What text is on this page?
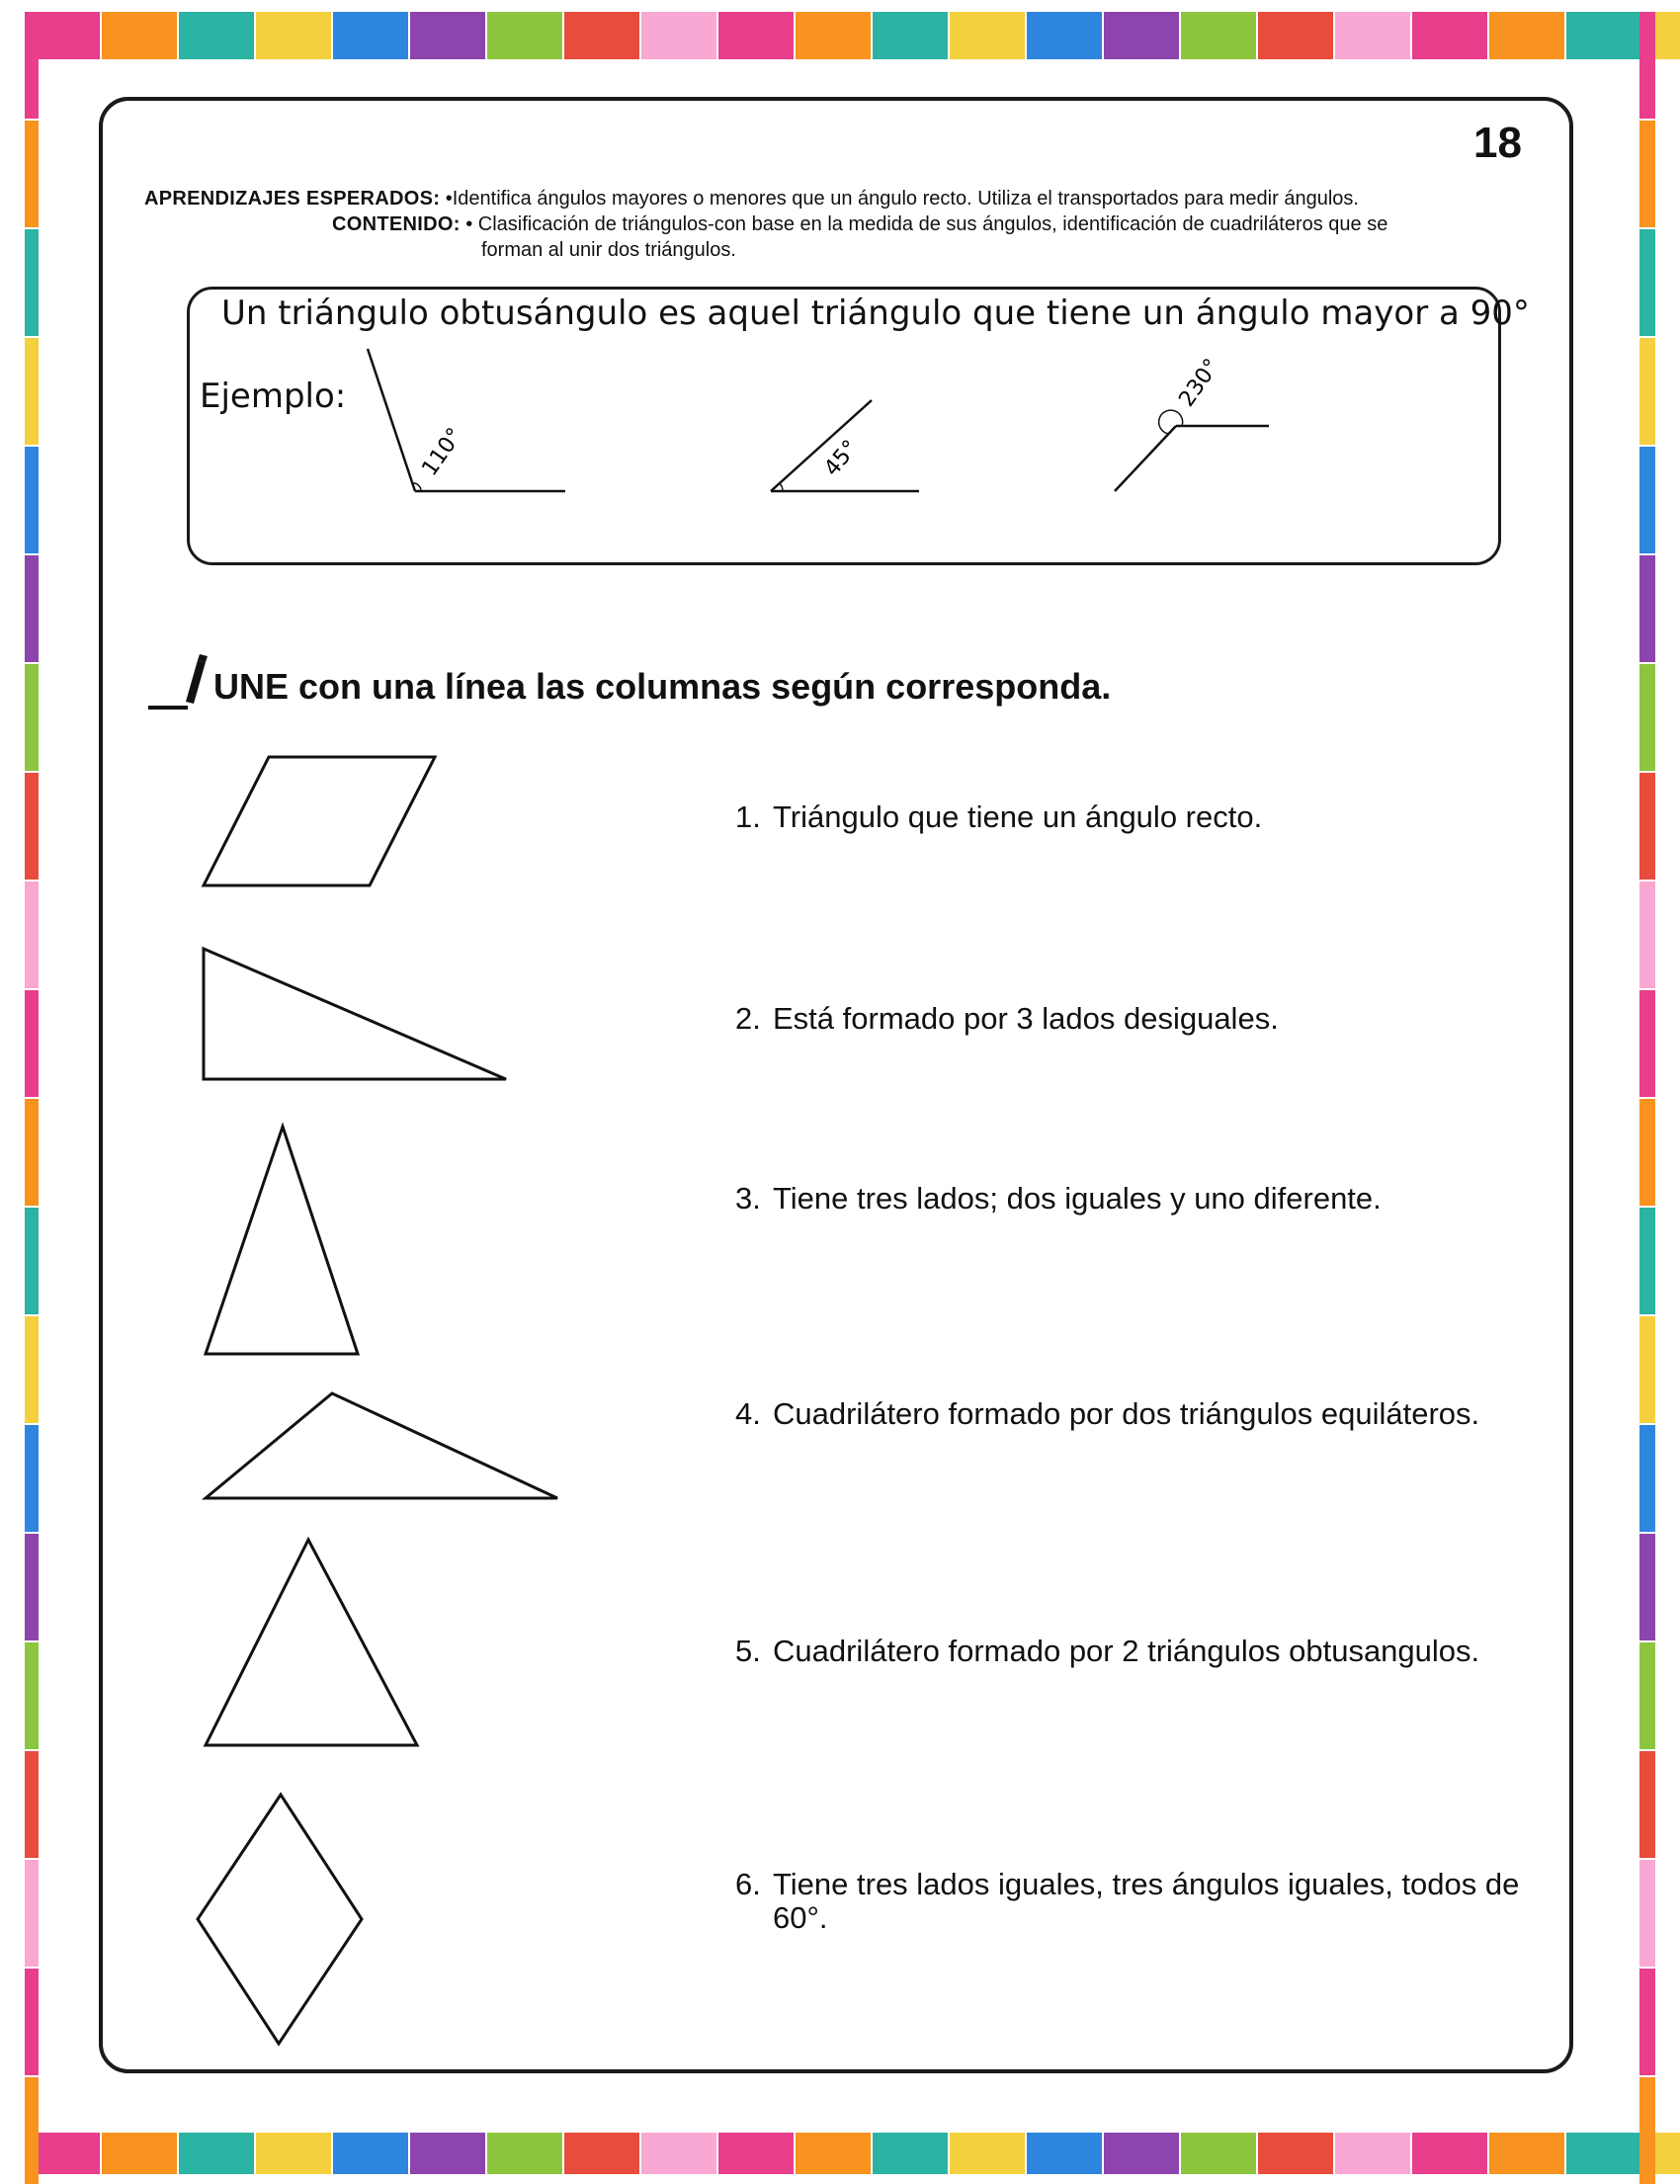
18
APRENDIZAJES ESPERADOS: •Identifica ángulos mayores o menores que un ángulo recto. Utiliza el transportados para medir ángulos.
CONTENIDO: • Clasificación de triángulos-con base en la medida de sus ángulos, identificación de cuadriláteros que se
forman al unir dos triángulos.
Un triángulo obtusángulo es aquel triángulo que tiene un ángulo mayor a 90°
Ejemplo:
110°	45°
230°
UNE con una línea las columnas según corresponda.
1. Triángulo que tiene un ángulo recto.
2. Está formado por 3 lados desiguales.
3. Tiene tres lados; dos iguales y uno diferente.
4. Cuadrilátero formado por dos triángulos equiláteros.
5. Cuadrilátero formado por 2 triángulos obtusangulos.
6. Tiene tres lados iguales, tres ángulos iguales, todos de 60°.
